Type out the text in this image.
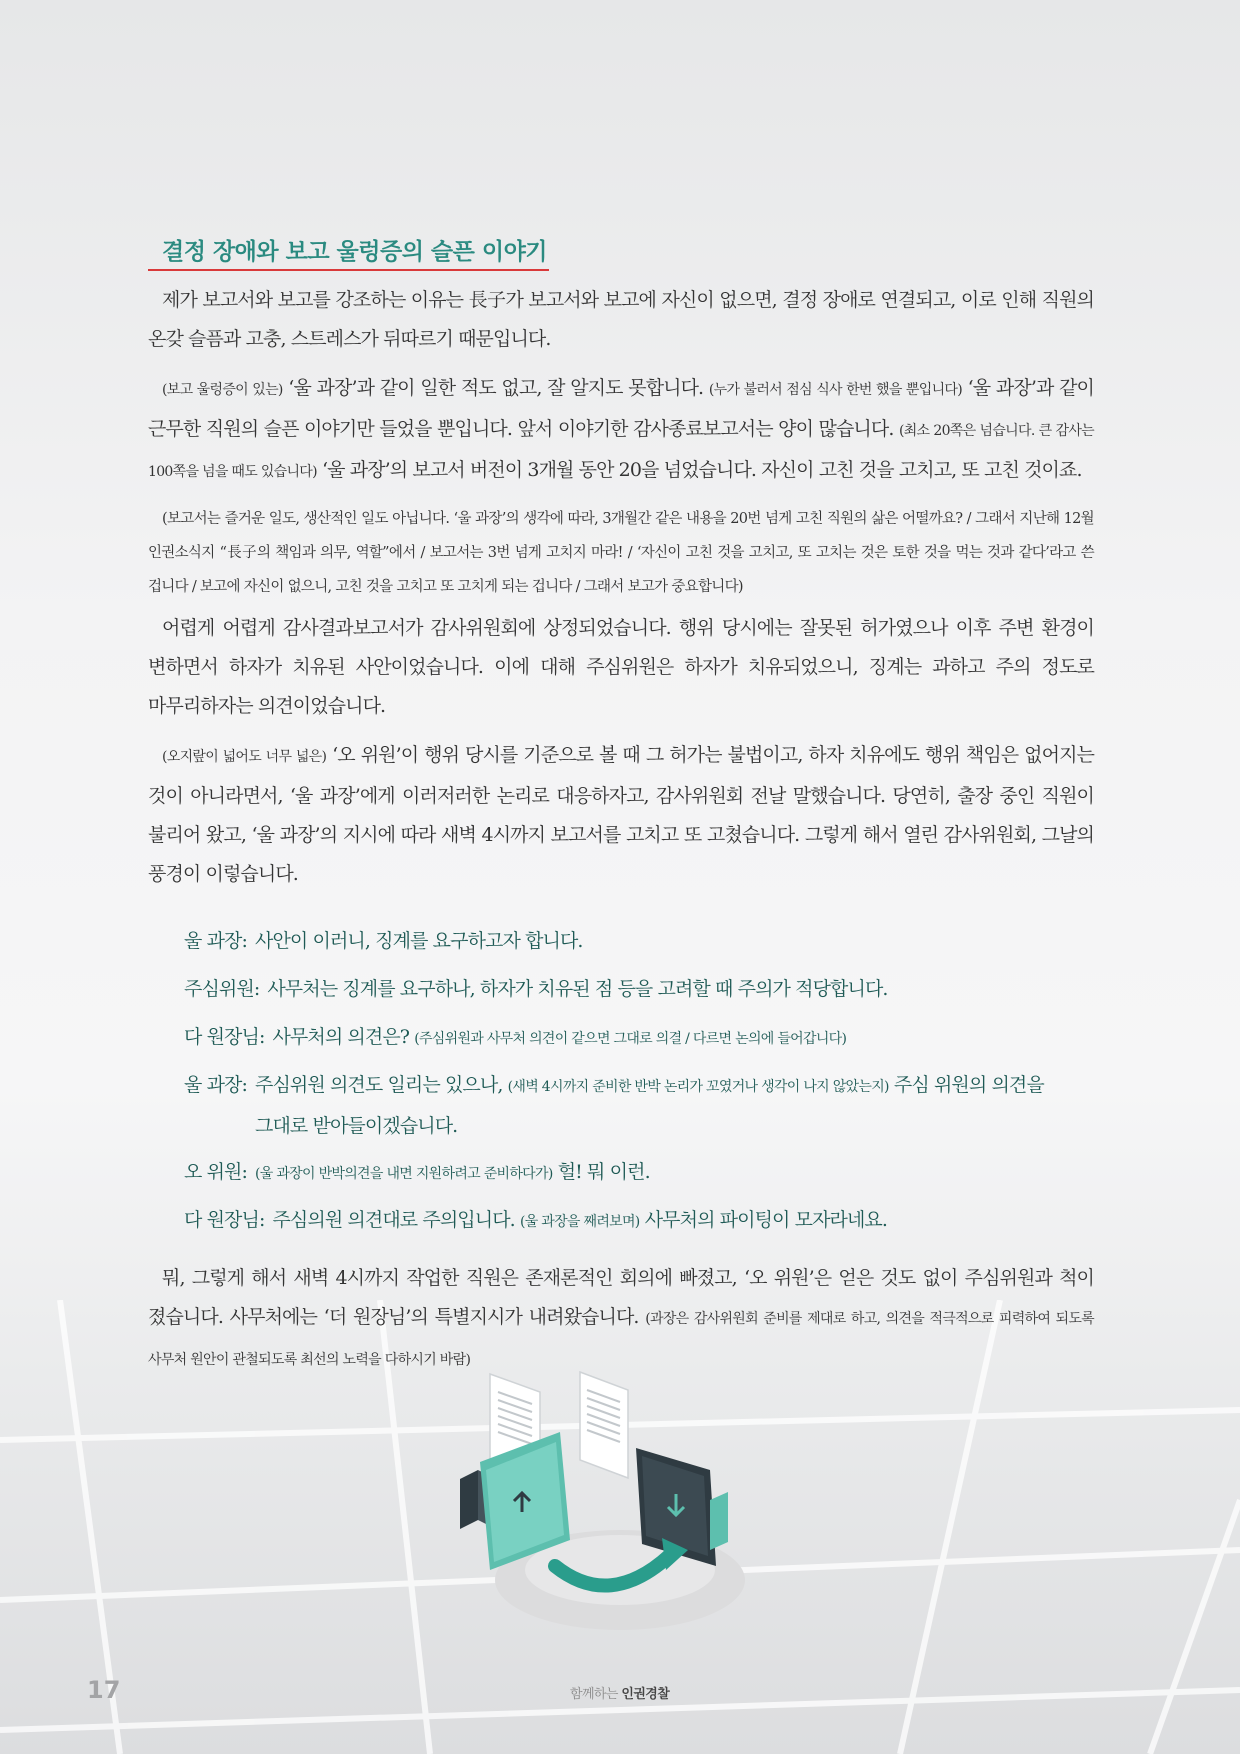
결정 장애와 보고 울렁증의 슬픈 이야기

제가 보고서와 보고를 강조하는 이유는 長子가 보고서와 보고에 자신이 없으면, 결정 장애로 연결되고, 이로 인해 직원의 온갖 슬픔과 고충, 스트레스가 뒤따르기 때문입니다.

(보고 울렁증이 있는) ‘울 과장’과 같이 일한 적도 없고, 잘 알지도 못합니다. (누가 불러서 점심 식사 한번 했을 뿐입니다) ‘울 과장’과 같이 근무한 직원의 슬픈 이야기만 들었을 뿐입니다. 앞서 이야기한 감사종료보고서는 양이 많습니다. (최소 20쪽은 넘습니다. 큰 감사는 100쪽을 넘을 때도 있습니다) ‘울 과장’의 보고서 버전이 3개월 동안 20을 넘었습니다. 자신이 고친 것을 고치고, 또 고친 것이죠.

(보고서는 즐거운 일도, 생산적인 일도 아닙니다. ‘울 과장’의 생각에 따라, 3개월간 같은 내용을 20번 넘게 고친 직원의 삶은 어떨까요? / 그래서 지난해 12월 인권소식지 “長子의 책임과 의무, 역할”에서 / 보고서는 3번 넘게 고치지 마라! / ‘자신이 고친 것을 고치고, 또 고치는 것은 토한 것을 먹는 것과 같다’라고 쓴 겁니다 / 보고에 자신이 없으니, 고친 것을 고치고 또 고치게 되는 겁니다 / 그래서 보고가 중요합니다)

어렵게 어렵게 감사결과보고서가 감사위원회에 상정되었습니다. 행위 당시에는 잘못된 허가였으나 이후 주변 환경이 변하면서 하자가 치유된 사안이었습니다. 이에 대해 주심위원은 하자가 치유되었으니, 징계는 과하고 주의 정도로 마무리하자는 의견이었습니다.

(오지랖이 넓어도 너무 넓은) ‘오 위원’이 행위 당시를 기준으로 볼 때 그 허가는 불법이고, 하자 치유에도 행위 책임은 없어지는 것이 아니라면서, ‘울 과장’에게 이러저러한 논리로 대응하자고, 감사위원회 전날 말했습니다. 당연히, 출장 중인 직원이 불리어 왔고, ‘울 과장’의 지시에 따라 새벽 4시까지 보고서를 고치고 또 고쳤습니다. 그렇게 해서 열린 감사위원회, 그날의 풍경이 이렇습니다.

울 과장: 사안이 이러니, 징계를 요구하고자 합니다.
주심위원: 사무처는 징계를 요구하나, 하자가 치유된 점 등을 고려할 때 주의가 적당합니다.
다 원장님: 사무처의 의견은? (주심위원과 사무처 의견이 같으면 그대로 의결 / 다르면 논의에 들어갑니다)
울 과장: 주심위원 의견도 일리는 있으나, (새벽 4시까지 준비한 반박 논리가 꼬였거나 생각이 나지 않았는지) 주심 위원의 의견을 그대로 받아들이겠습니다.
오 위원: (울 과장이 반박의견을 내면 지원하려고 준비하다가) 헐! 뭐 이런.
다 원장님: 주심의원 의견대로 주의입니다. (울 과장을 째려보며) 사무처의 파이팅이 모자라네요.

뭐, 그렇게 해서 새벽 4시까지 작업한 직원은 존재론적인 회의에 빠졌고, ‘오 위원’은 얻은 것도 없이 주심위원과 척이 졌습니다. 사무처에는 ‘더 원장님’의 특별지시가 내려왔습니다. (과장은 감사위원회 준비를 제대로 하고, 의견을 적극적으로 피력하여 되도록 사무처 원안이 관철되도록 최선의 노력을 다하시기 바람)

17	함께하는 인권경찰
